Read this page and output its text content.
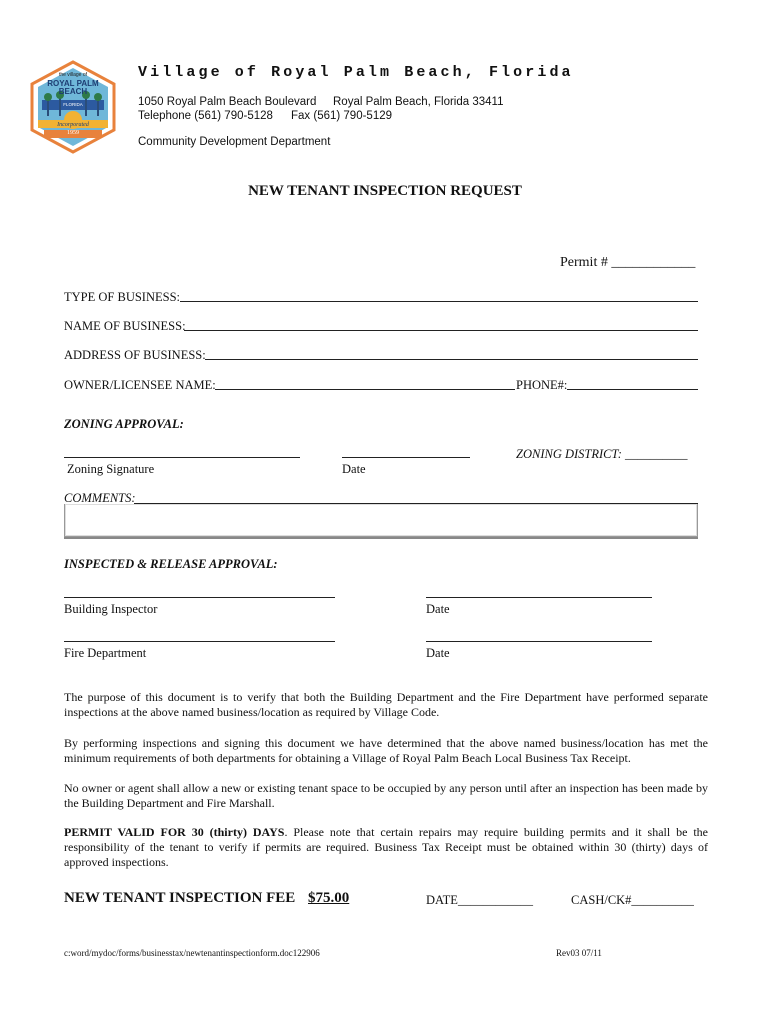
the village of
ROYAL PALM BEACH
FLORIDA
Incorporated
1959
Village of Royal Palm Beach, Florida
1050 Royal Palm Beach Boulevard Royal Palm Beach, Florida 33411
Telephone (561) 790-5128 Fax (561) 790-5129
Community Development Department
NEW TENANT INSPECTION REQUEST
Permit # ____________
TYPE OF BUSINESS:
NAME OF BUSINESS:
ADDRESS OF BUSINESS:
OWNER/LICENSEE NAME:	PHONE#:
ZONING APPROVAL:
Zoning Signature	Date
ZONING DISTRICT: __________
COMMENTS:
INSPECTED & RELEASE APPROVAL:
Building Inspector	Date
Fire Department	Date

The purpose of this document is to verify that both the Building Department and the Fire Department have performed separate inspections at the above named business/location as required by Village Code.

By performing inspections and signing this document we have determined that the above named business/location has met the minimum requirements of both departments for obtaining a Village of Royal Palm Beach Local Business Tax Receipt.

No owner or agent shall allow a new or existing tenant space to be occupied by any person until after an inspection has been made by the Building Department and Fire Marshall.

PERMIT VALID FOR 30 (thirty) DAYS. Please note that certain repairs may require building permits and it shall be the responsibility of the tenant to verify if permits are required. Business Tax Receipt must be obtained within 30 (thirty) days of approved inspections.

NEW TENANT INSPECTION FEE $75.00	DATE____________	CASH/CK#__________
c:word/mydoc/forms/businesstax/newtenantinspectionform.doc122906	Rev03 07/11
